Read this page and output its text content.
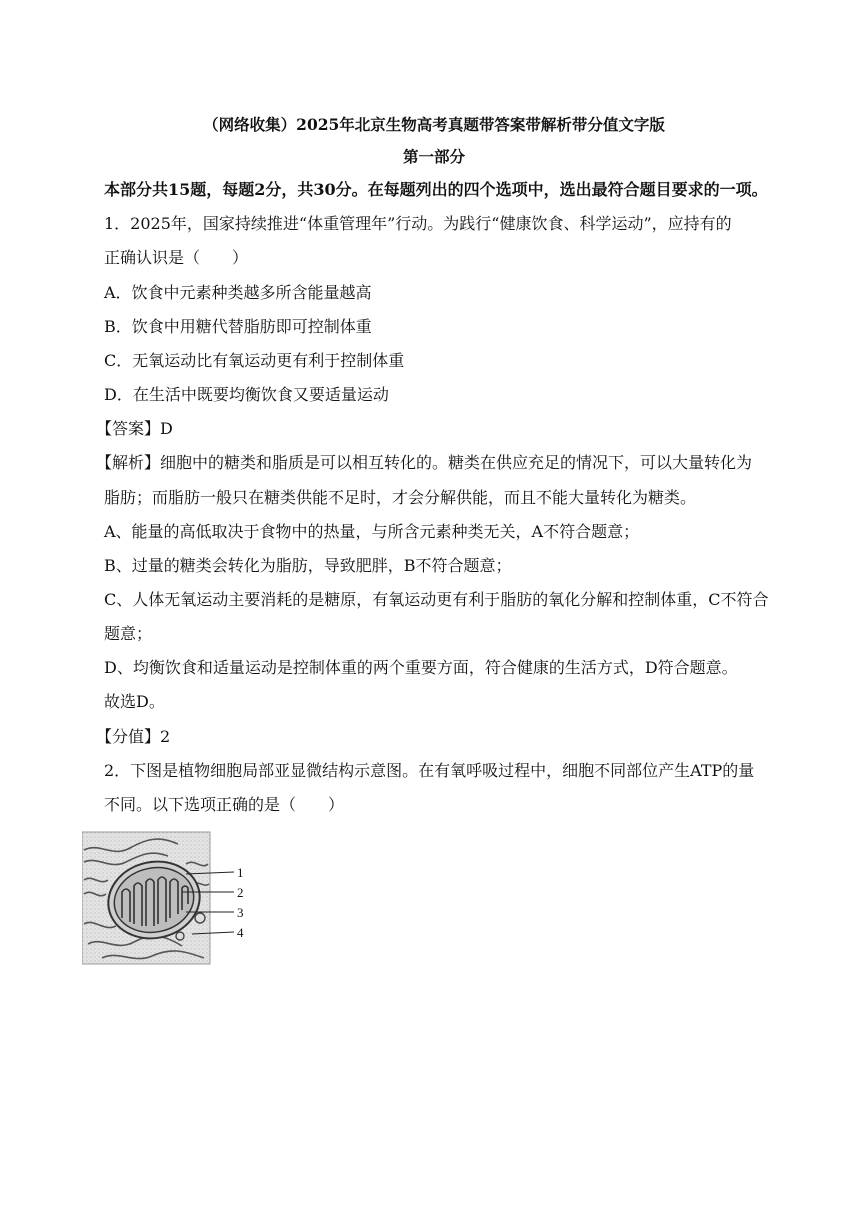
（网络收集）2025年北京生物高考真题带答案带解析带分值文字版
第一部分
本部分共15题，每题2分，共30分。在每题列出的四个选项中，选出最符合题目要求的一项。
1．2025年，国家持续推进“体重管理年”行动。为践行“健康饮食、科学运动”，应持有的
正确认识是（　　）
A．饮食中元素种类越多所含能量越高
B．饮食中用糖代替脂肪即可控制体重
C．无氧运动比有氧运动更有利于控制体重
D．在生活中既要均衡饮食又要适量运动
【答案】D
【解析】细胞中的糖类和脂质是可以相互转化的。糖类在供应充足的情况下，可以大量转化为
脂肪；而脂肪一般只在糖类供能不足时，才会分解供能，而且不能大量转化为糖类。
A、能量的高低取决于食物中的热量，与所含元素种类无关，A不符合题意；
B、过量的糖类会转化为脂肪，导致肥胖，B不符合题意；
C、人体无氧运动主要消耗的是糖原，有氧运动更有利于脂肪的氧化分解和控制体重，C不符合
题意；
D、均衡饮食和适量运动是控制体重的两个重要方面，符合健康的生活方式，D符合题意。
故选D。
【分值】2
2．下图是植物细胞局部亚显微结构示意图。在有氧呼吸过程中，细胞不同部位产生ATP的量
不同。以下选项正确的是（　　）
1
2
3
4
